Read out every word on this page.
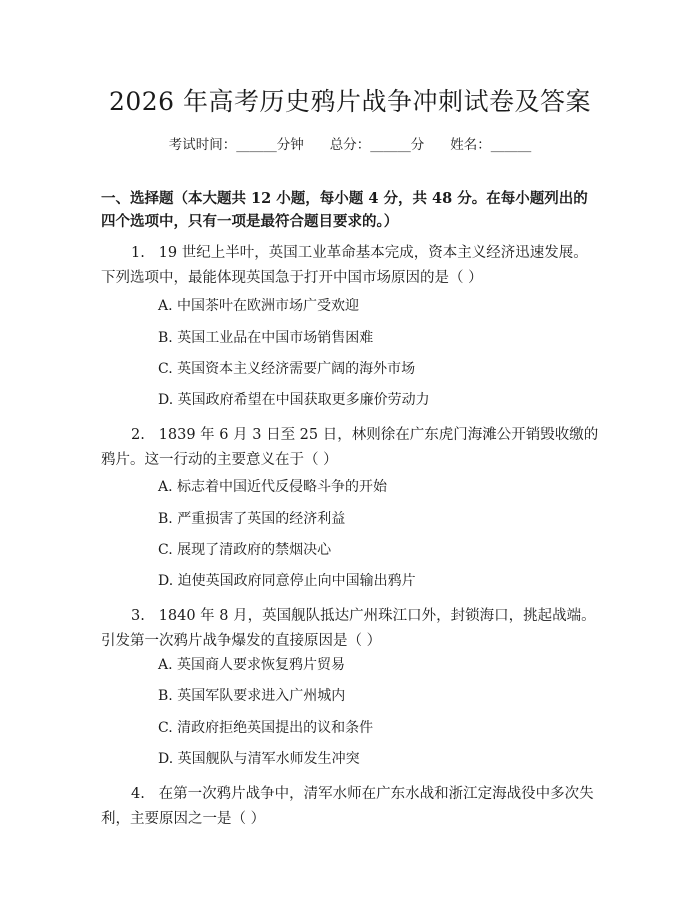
2026 年高考历史鸦片战争冲刺试卷及答案
考试时间：______分钟 总分：______分 姓名：______
一、选择题（本大题共 12 小题，每小题 4 分，共 48 分。在每小题列出的四个选项中，只有一项是最符合题目要求的。）
1. 19 世纪上半叶，英国工业革命基本完成，资本主义经济迅速发展。下列选项中，最能体现英国急于打开中国市场原因的是（ ）
A. 中国茶叶在欧洲市场广受欢迎
B. 英国工业品在中国市场销售困难
C. 英国资本主义经济需要广阔的海外市场
D. 英国政府希望在中国获取更多廉价劳动力
2. 1839 年 6 月 3 日至 25 日，林则徐在广东虎门海滩公开销毁收缴的鸦片。这一行动的主要意义在于（ ）
A. 标志着中国近代反侵略斗争的开始
B. 严重损害了英国的经济利益
C. 展现了清政府的禁烟决心
D. 迫使英国政府同意停止向中国输出鸦片
3. 1840 年 8 月，英国舰队抵达广州珠江口外，封锁海口，挑起战端。引发第一次鸦片战争爆发的直接原因是（ ）
A. 英国商人要求恢复鸦片贸易
B. 英国军队要求进入广州城内
C. 清政府拒绝英国提出的议和条件
D. 英国舰队与清军水师发生冲突
4. 在第一次鸦片战争中，清军水师在广东水战和浙江定海战役中多次失利，主要原因之一是（ ）
